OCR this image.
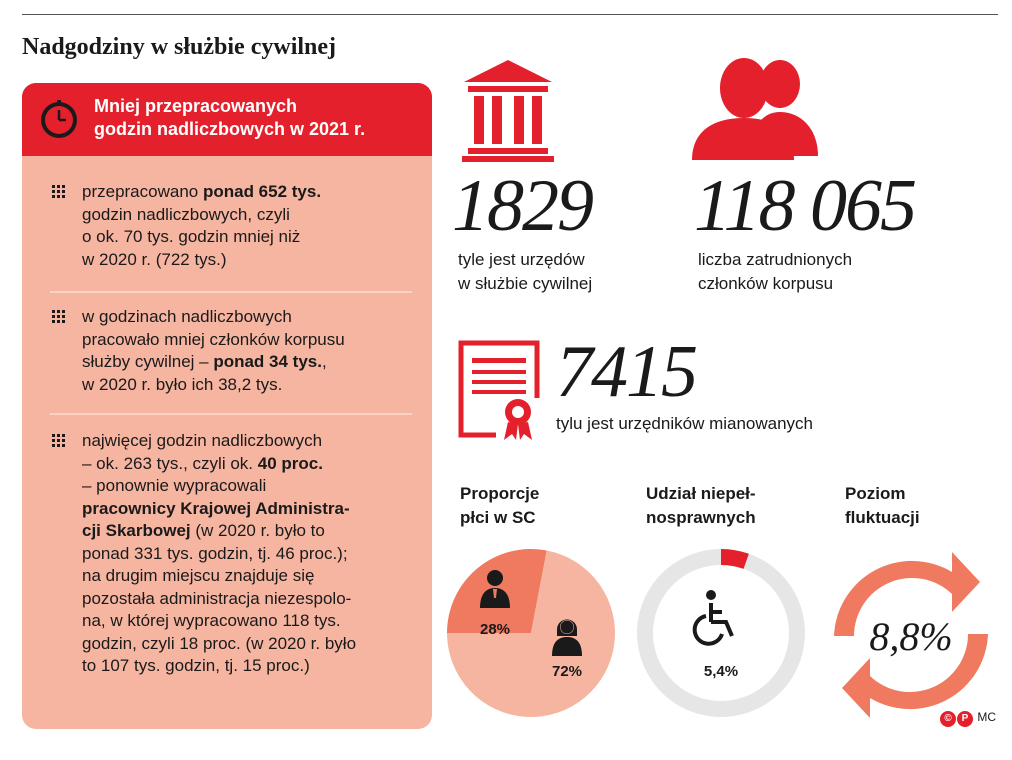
Nadgodziny w służbie cywilnej
Mniej przepracowanych
godzin nadliczbowych w 2021 r.
przepracowano ponad 652 tys.
godzin nadliczbowych, czyli
o ok. 70 tys. godzin mniej niż
w 2020 r. (722 tys.)
w godzinach nadliczbowych
pracowało mniej członków korpusu
służby cywilnej – ponad 34 tys.,
w 2020 r. było ich 38,2 tys.
najwięcej godzin nadliczbowych
– ok. 263 tys., czyli ok. 40 proc.
– ponownie wypracowali
pracownicy Krajowej Administra-
cji Skarbowej (w 2020 r. było to
ponad 331 tys. godzin, tj. 46 proc.);
na drugim miejscu znajduje się
pozostała administracja niezespolo-
na, w której wypracowano 118 tys.
godzin, czyli 18 proc. (w 2020 r. było
to 107 tys. godzin, tj. 15 proc.)
1829
tyle jest urzędów
w służbie cywilnej
118 065
liczba zatrudnionych
członków korpusu
7415
tylu jest urzędników mianowanych
Proporcje
płci w SC
Udział niepeł-
nosprawnych
Poziom
fluktuacji
28%
72%	5,4%
8,8%
© P MC
